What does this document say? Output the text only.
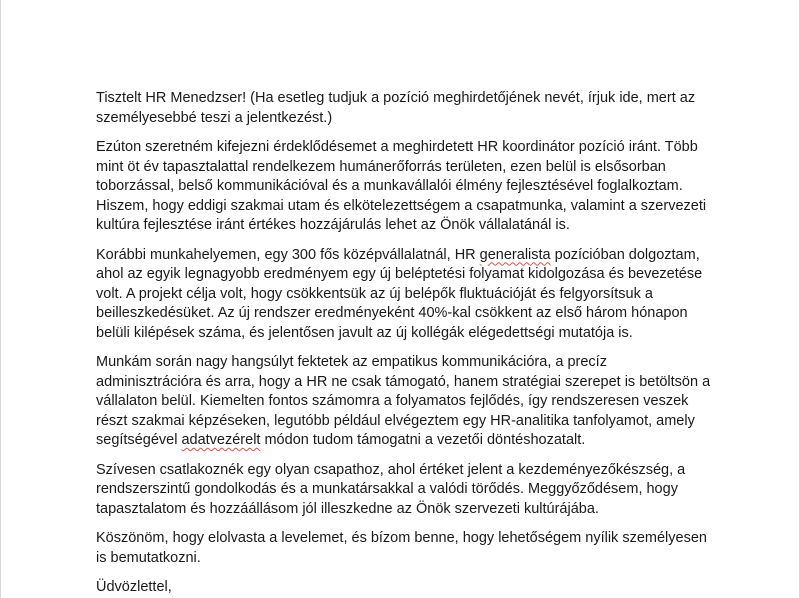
Tisztelt HR Menedzser! (Ha esetleg tudjuk a pozíció meghirdetőjének nevét, írjuk ide, mert az személyesebbé teszi a jelentkezést.)

Ezúton szeretném kifejezni érdeklődésemet a meghirdetett HR koordinátor pozíció iránt. Több mint öt év tapasztalattal rendelkezem humánerőforrás területen, ezen belül is elsősorban toborzással, belső kommunikációval és a munkavállalói élmény fejlesztésével foglalkoztam. Hiszem, hogy eddigi szakmai utam és elkötelezettségem a csapatmunka, valamint a szervezeti kultúra fejlesztése iránt értékes hozzájárulás lehet az Önök vállalatánál is.

Korábbi munkahelyemen, egy 300 fős középvállalatnál, HR generalista pozícióban dolgoztam, ahol az egyik legnagyobb eredményem egy új beléptetési folyamat kidolgozása és bevezetése volt. A projekt célja volt, hogy csökkentsük az új belépők fluktuációját és felgyorsítsuk a beilleszkedésüket. Az új rendszer eredményeként 40%-kal csökkent az első három hónapon belüli kilépések száma, és jelentősen javult az új kollégák elégedettségi mutatója is.

Munkám során nagy hangsúlyt fektetek az empatikus kommunikációra, a precíz adminisztrációra és arra, hogy a HR ne csak támogató, hanem stratégiai szerepet is betöltsön a vállalaton belül. Kiemelten fontos számomra a folyamatos fejlődés, így rendszeresen veszek részt szakmai képzéseken, legutóbb például elvégeztem egy HR-analitika tanfolyamot, amely segítségével adatvezérelt módon tudom támogatni a vezetői döntéshozatalt.

Szívesen csatlakoznék egy olyan csapathoz, ahol értéket jelent a kezdeményezőkészség, a rendszerszintű gondolkodás és a munkatársakkal a valódi törődés. Meggyőződésem, hogy tapasztalatom és hozzáállásom jól illeszkedne az Önök szervezeti kultúrájába.

Köszönöm, hogy elolvasta a levelemet, és bízom benne, hogy lehetőségem nyílik személyesen is bemutatkozni.

Üdvözlettel,
